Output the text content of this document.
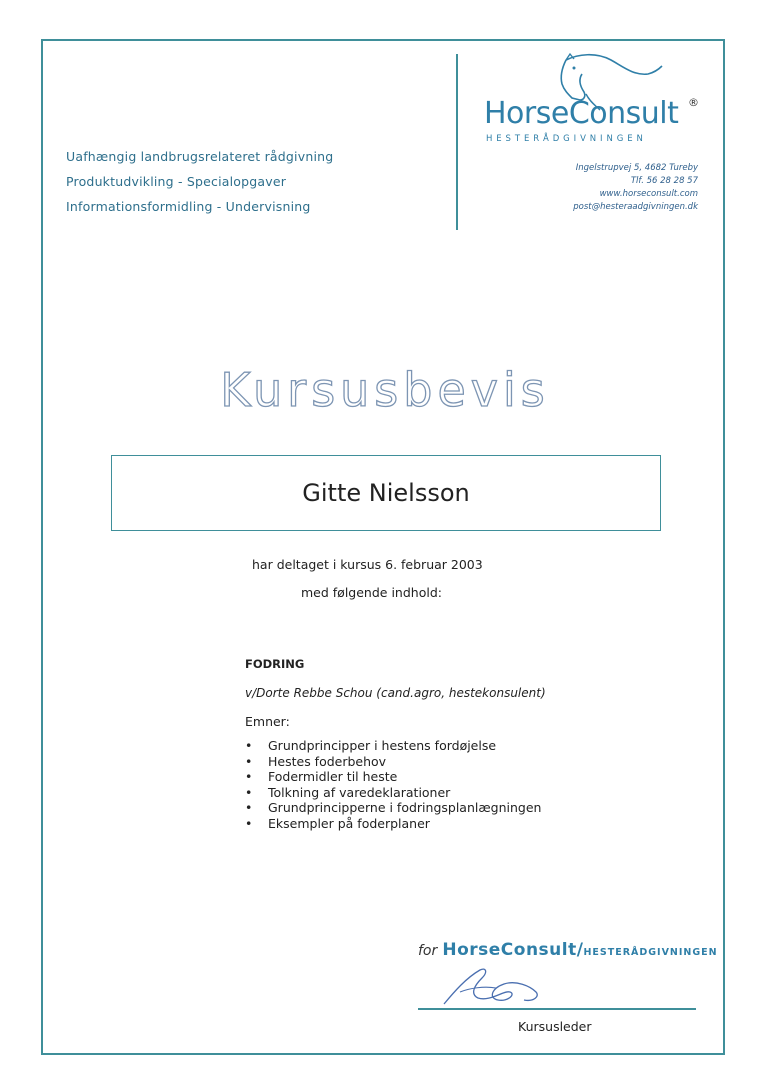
Uafhængig landbrugsrelateret rådgivning
Produktudvikling - Specialopgaver
Informationsformidling - Undervisning
HorseConsult ®
HESTERÅDGIVNINGEN
Ingelstrupvej 5, 4682 Tureby
Tlf. 56 28 28 57
www.horseconsult.com
post@hesteraadgivningen.dk
Kursusbevis
Gitte Nielsson
har deltaget i kursus 6. februar 2003
med følgende indhold:
FODRING
v/Dorte Rebbe Schou (cand.agro, hestekonsulent)
Emner:
• Grundprincipper i hestens fordøjelse
• Hestes foderbehov
• Fodermidler til heste
• Tolkning af varedeklarationer
• Grundprincipperne i fodringsplanlægningen
• Eksempler på foderplaner
for HorseConsult/HESTERÅDGIVNINGEN
Kursusleder
